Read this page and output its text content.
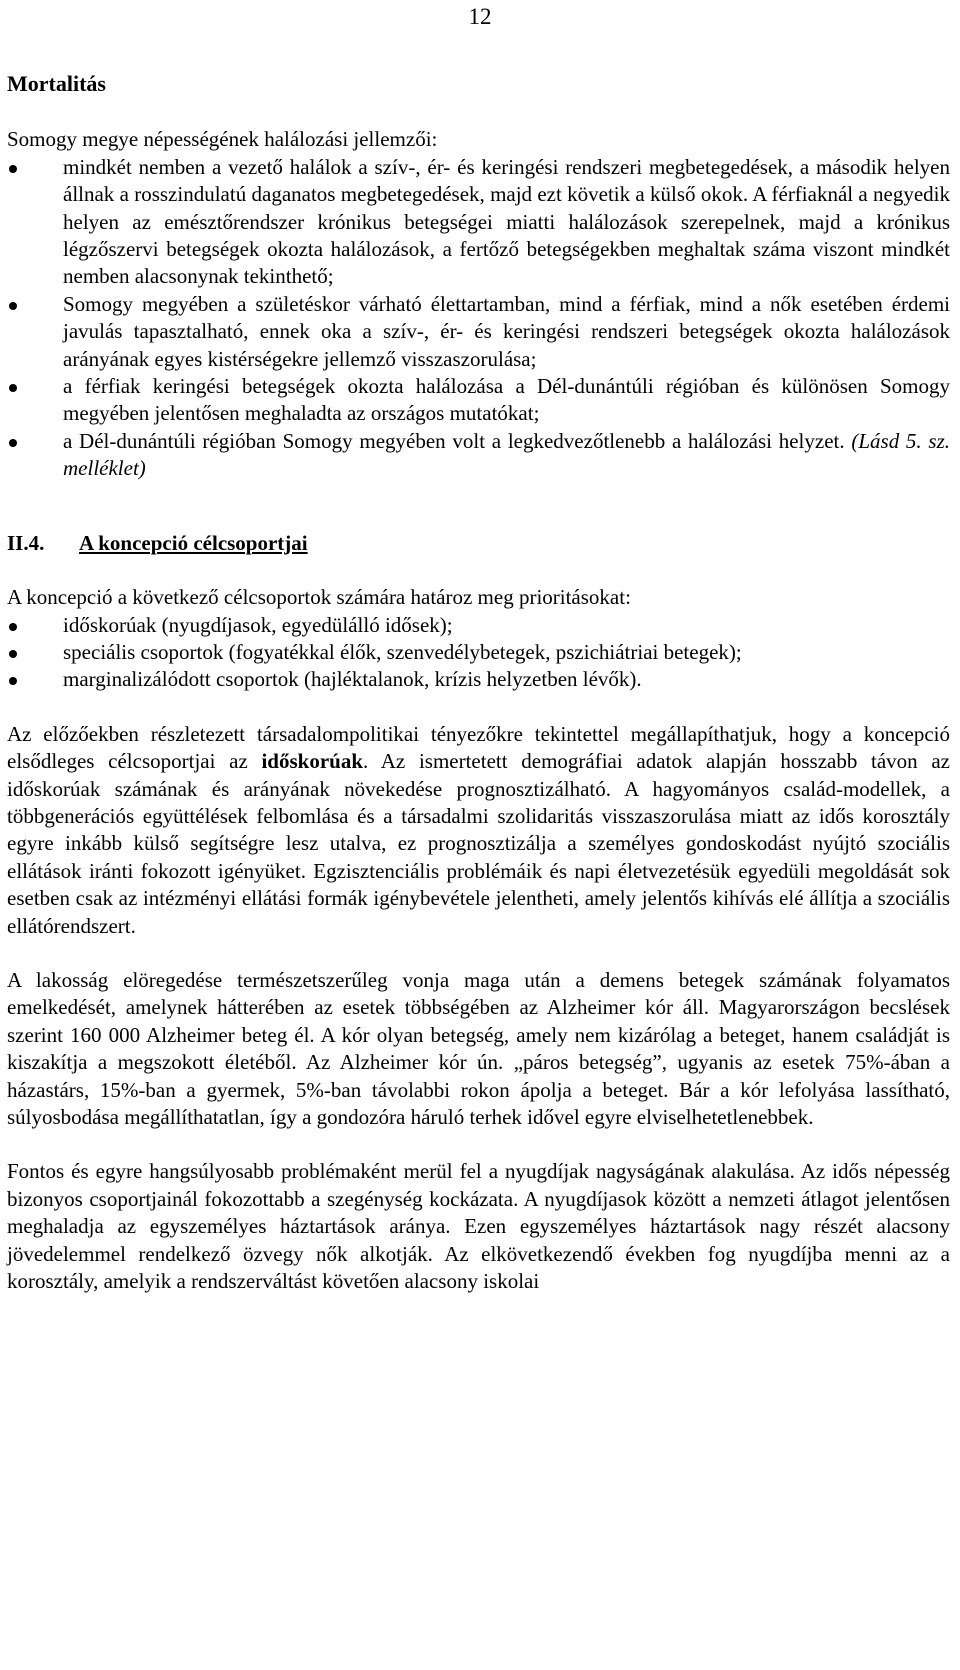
12

Mortalitás

Somogy megye népességének halálozási jellemzői:

mindkét nemben a vezető halálok a szív-, ér- és keringési rendszeri megbetegedések, a második helyen állnak a rosszindulatú daganatos megbetegedések, majd ezt követik a külső okok. A férfiaknál a negyedik helyen az emésztőrendszer krónikus betegségei miatti halálozások szerepelnek, majd a krónikus légzőszervi betegségek okozta halálozások, a fertőző betegségekben meghaltak száma viszont mindkét nemben alacsonynak tekinthető;
Somogy megyében a születéskor várható élettartamban, mind a férfiak, mind a nők esetében érdemi javulás tapasztalható, ennek oka a szív-, ér- és keringési rendszeri betegségek okozta halálozások arányának egyes kistérségekre jellemző visszaszorulása;
a férfiak keringési betegségek okozta halálozása a Dél-dunántúli régióban és különösen Somogy megyében jelentősen meghaladta az országos mutatókat;
a Dél-dunántúli régióban Somogy megyében volt a legkedvezőtlenebb a halálozási helyzet. (Lásd 5. sz. melléklet)
II.4. A koncepció célcsoportjai

A koncepció a következő célcsoportok számára határoz meg prioritásokat:

időskorúak (nyugdíjasok, egyedülálló idősek);
speciális csoportok (fogyatékkal élők, szenvedélybetegek, pszichiátriai betegek);
marginalizálódott csoportok (hajléktalanok, krízis helyzetben lévők).

Az előzőekben részletezett társadalompolitikai tényezőkre tekintettel megállapíthatjuk, hogy a koncepció elsődleges célcsoportjai az időskorúak. Az ismertetett demográfiai adatok alapján hosszabb távon az időskorúak számának és arányának növekedése prognosztizálható. A hagyományos család-modellek, a többgenerációs együttélések felbomlása és a társadalmi szolidaritás visszaszorulása miatt az idős korosztály egyre inkább külső segítségre lesz utalva, ez prognosztizálja a személyes gondoskodást nyújtó szociális ellátások iránti fokozott igényüket. Egzisztenciális problémáik és napi életvezetésük egyedüli megoldását sok esetben csak az intézményi ellátási formák igénybevétele jelentheti, amely jelentős kihívás elé állítja a szociális ellátórendszert.

A lakosság elöregedése természetszerűleg vonja maga után a demens betegek számának folyamatos emelkedését, amelynek hátterében az esetek többségében az Alzheimer kór áll. Magyarországon becslések szerint 160 000 Alzheimer beteg él. A kór olyan betegség, amely nem kizárólag a beteget, hanem családját is kiszakítja a megszokott életéből. Az Alzheimer kór ún. „páros betegség”, ugyanis az esetek 75%-ában a házastárs, 15%-ban a gyermek, 5%-ban távolabbi rokon ápolja a beteget. Bár a kór lefolyása lassítható, súlyosbodása megállíthatatlan, így a gondozóra háruló terhek idővel egyre elviselhetetlenebbek.

Fontos és egyre hangsúlyosabb problémaként merül fel a nyugdíjak nagyságának alakulása. Az idős népesség bizonyos csoportjainál fokozottabb a szegénység kockázata. A nyugdíjasok között a nemzeti átlagot jelentősen meghaladja az egyszemélyes háztartások aránya. Ezen egyszemélyes háztartások nagy részét alacsony jövedelemmel rendelkező özvegy nők alkotják. Az elkövetkezendő években fog nyugdíjba menni az a korosztály, amelyik a rendszerváltást követően alacsony iskolai
